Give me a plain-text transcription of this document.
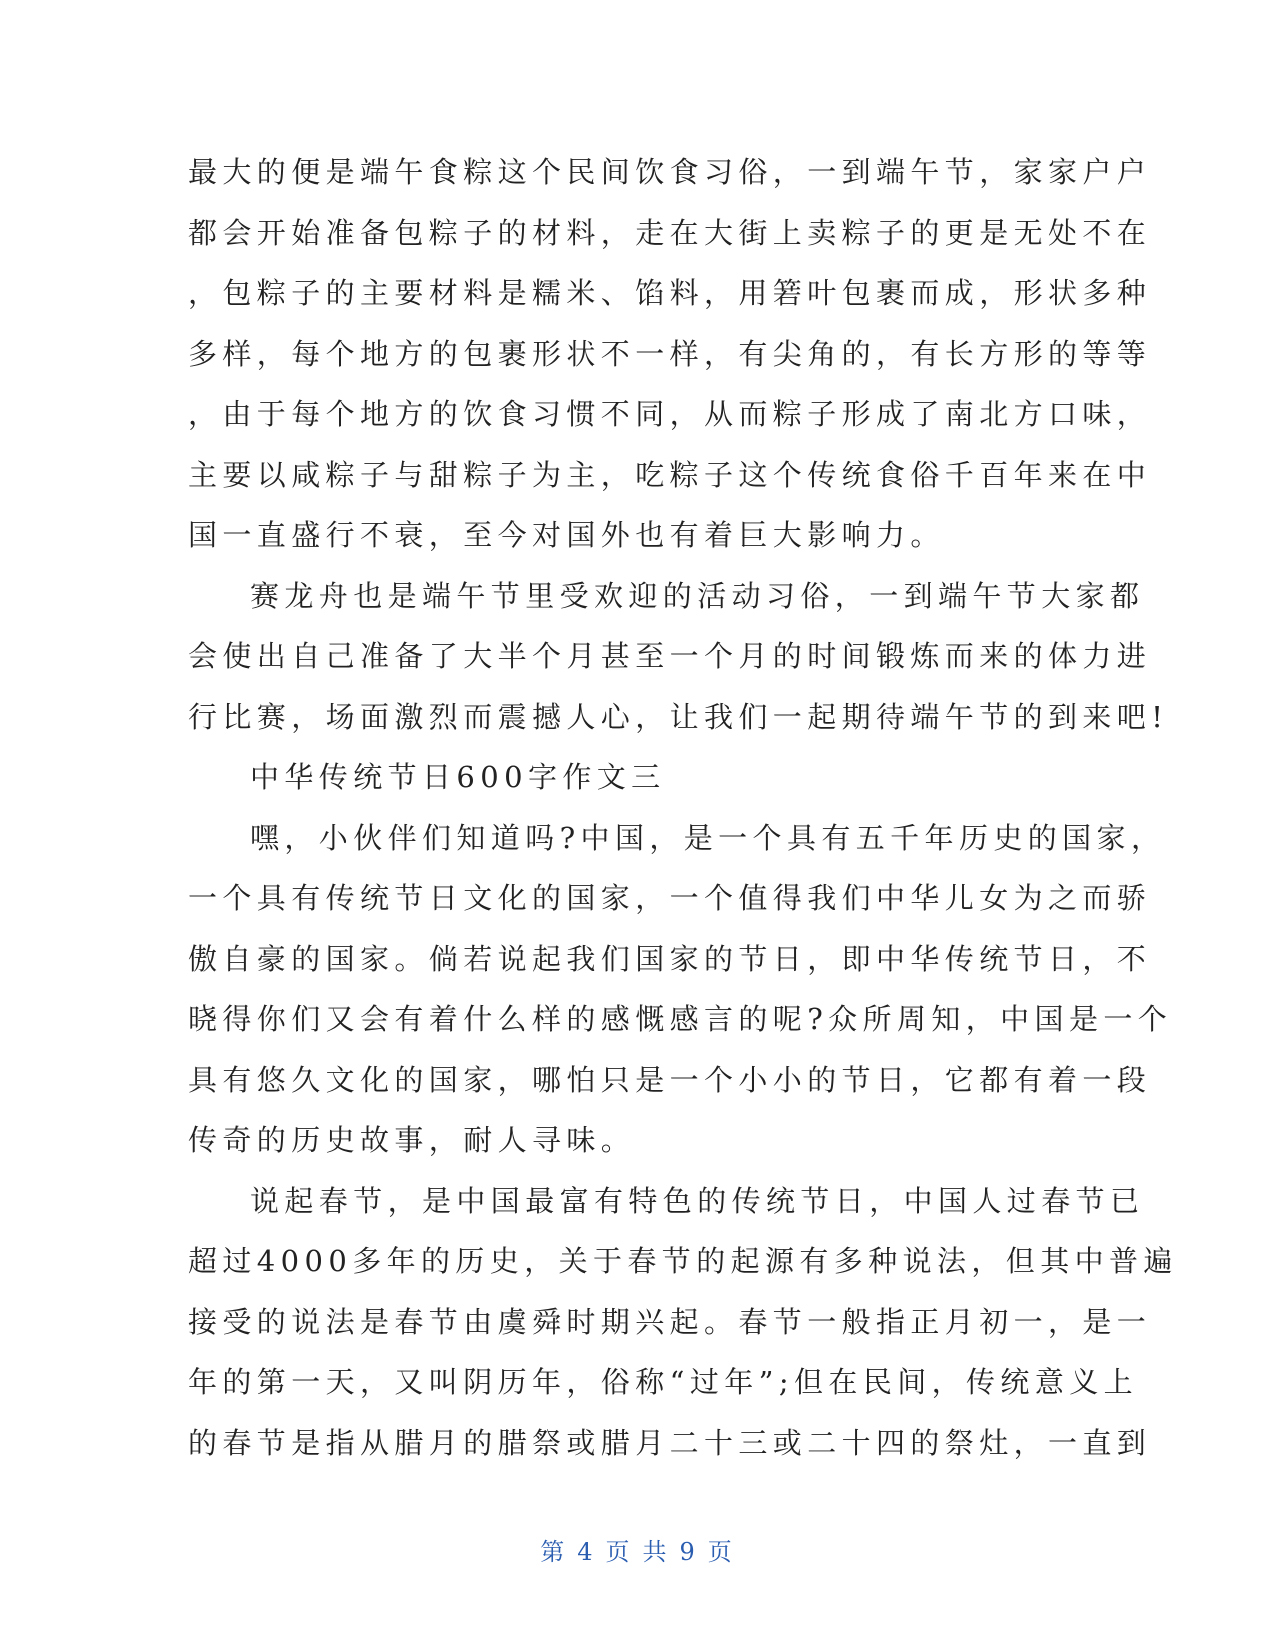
最大的便是端午食粽这个民间饮食习俗，一到端午节，家家户户
都会开始准备包粽子的材料，走在大街上卖粽子的更是无处不在
，包粽子的主要材料是糯米、馅料，用箬叶包裹而成，形状多种
多样，每个地方的包裹形状不一样，有尖角的，有长方形的等等
，由于每个地方的饮食习惯不同，从而粽子形成了南北方口味，
主要以咸粽子与甜粽子为主，吃粽子这个传统食俗千百年来在中
国一直盛行不衰，至今对国外也有着巨大影响力。
赛龙舟也是端午节里受欢迎的活动习俗，一到端午节大家都
会使出自己准备了大半个月甚至一个月的时间锻炼而来的体力进
行比赛，场面激烈而震撼人心，让我们一起期待端午节的到来吧!
中华传统节日600字作文三
嘿，小伙伴们知道吗?中国，是一个具有五千年历史的国家，
一个具有传统节日文化的国家，一个值得我们中华儿女为之而骄
傲自豪的国家。倘若说起我们国家的节日，即中华传统节日，不
晓得你们又会有着什么样的感慨感言的呢?众所周知，中国是一个
具有悠久文化的国家，哪怕只是一个小小的节日，它都有着一段
传奇的历史故事，耐人寻味。
说起春节，是中国最富有特色的传统节日，中国人过春节已
超过4000多年的历史，关于春节的起源有多种说法，但其中普遍
接受的说法是春节由虞舜时期兴起。春节一般指正月初一，是一
年的第一天，又叫阴历年，俗称“过年”;但在民间，传统意义上
的春节是指从腊月的腊祭或腊月二十三或二十四的祭灶，一直到
第 4 页 共 9 页
